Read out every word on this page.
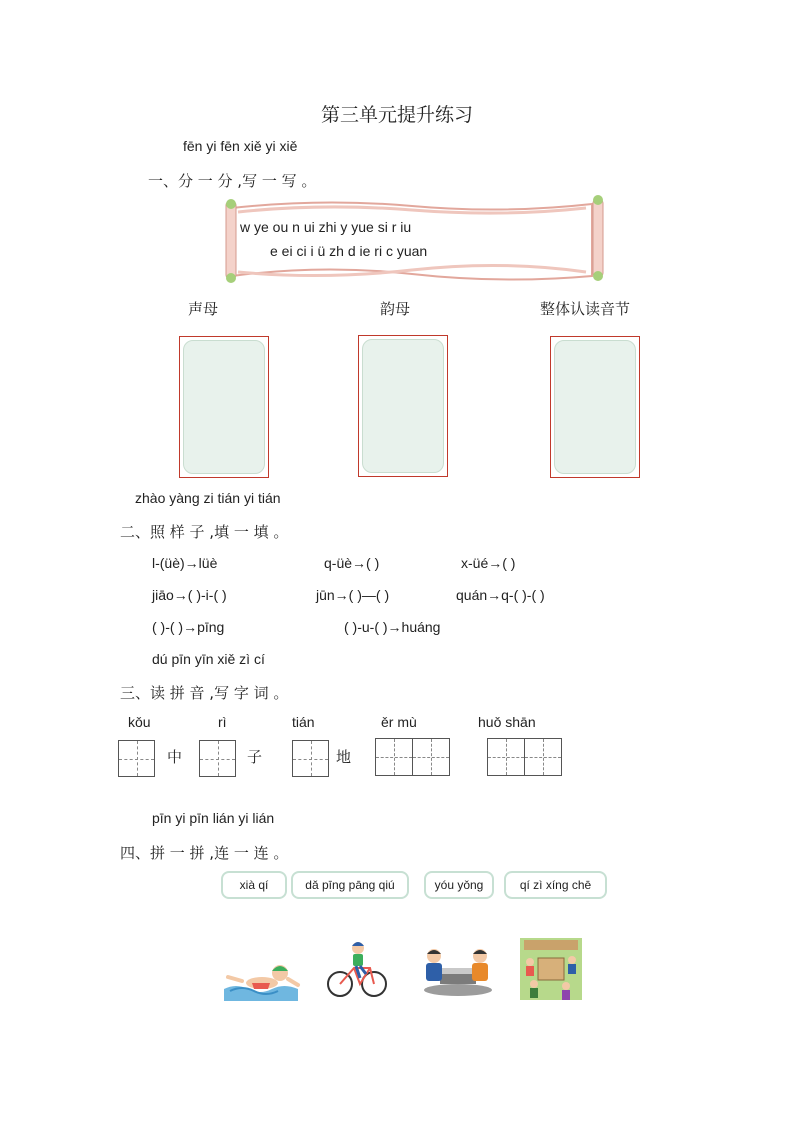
第三单元提升练习
fēn yi fēn xiě yi xiě
一、分 一 分 ,写 一 写 。
w ye ou n ui zhi y yue si r iu
e ei ci i ü zh d ie ri c yuan
声母	韵母	整体认读音节
zhào yàng zi tián yi tián
二、照 样 子 ,填 一 填 。
l-(üè)→lüè	q-üè→( )	x-üé→( )
jiāo→( )-i-( )	jūn→( )—( )	quán→q-( )-( )
( )-( )→pīng	( )-u-( )→huáng
dú pīn yīn xiě zì cí
三、读 拼 音 ,写 字 词 。
kǒu	rì	tián	ěr mù	huǒ shān
中	子	地
pīn yi pīn lián yi lián
四、拼 一 拼 ,连 一 连 。
xià qí	dǎ pīng pāng qiú	yóu yǒng	qí zì xíng chē
